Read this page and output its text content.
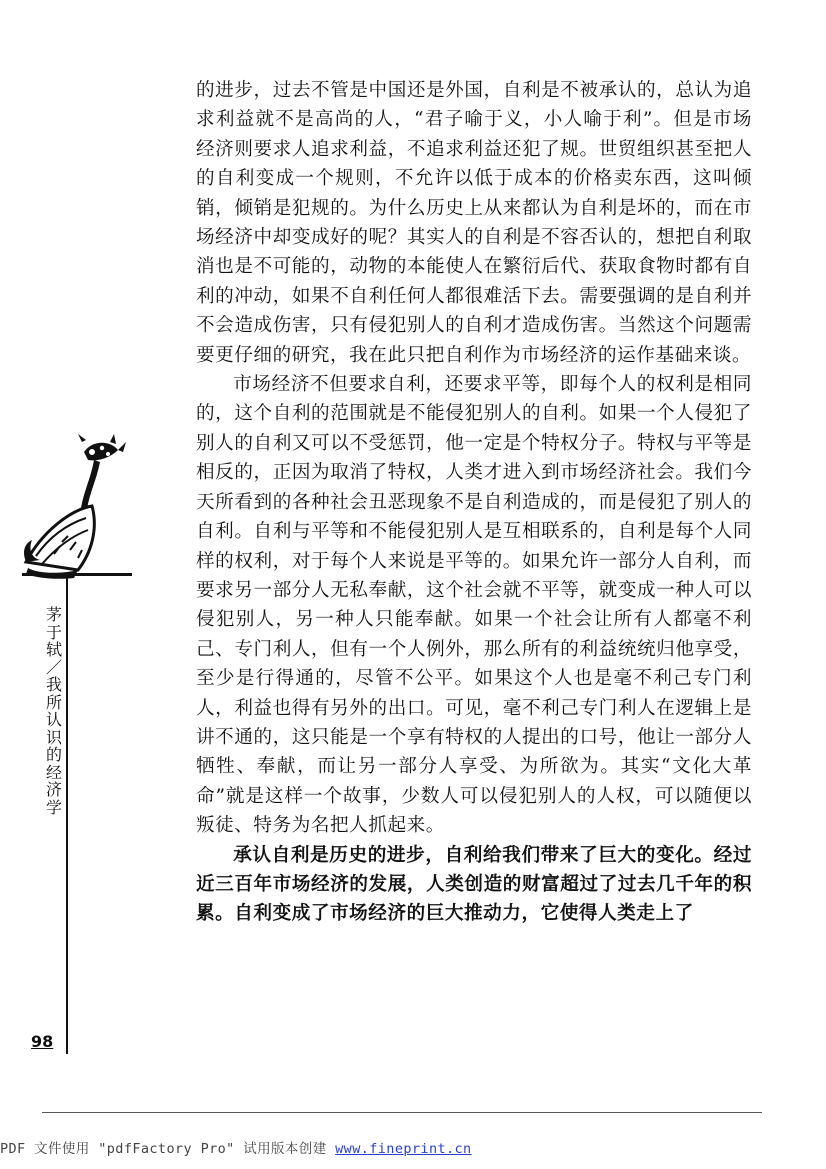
的进步，过去不管是中国还是外国，自利是不被承认的，总认为追求利益就不是高尚的人，“君子喻于义，小人喻于利”。但是市场经济则要求人追求利益，不追求利益还犯了规。世贸组织甚至把人的自利变成一个规则，不允许以低于成本的价格卖东西，这叫倾销，倾销是犯规的。为什么历史上从来都认为自利是坏的，而在市场经济中却变成好的呢？其实人的自利是不容否认的，想把自利取消也是不可能的，动物的本能使人在繁衍后代、获取食物时都有自利的冲动，如果不自利任何人都很难活下去。需要强调的是自利并不会造成伤害，只有侵犯别人的自利才造成伤害。当然这个问题需要更仔细的研究，我在此只把自利作为市场经济的运作基础来谈。

市场经济不但要求自利，还要求平等，即每个人的权利是相同的，这个自利的范围就是不能侵犯别人的自利。如果一个人侵犯了别人的自利又可以不受惩罚，他一定是个特权分子。特权与平等是相反的，正因为取消了特权，人类才进入到市场经济社会。我们今天所看到的各种社会丑恶现象不是自利造成的，而是侵犯了别人的自利。自利与平等和不能侵犯别人是互相联系的，自利是每个人同样的权利，对于每个人来说是平等的。如果允许一部分人自利，而要求另一部分人无私奉献，这个社会就不平等，就变成一种人可以侵犯别人，另一种人只能奉献。如果一个社会让所有人都毫不利己、专门利人，但有一个人例外，那么所有的利益统统归他享受，至少是行得通的，尽管不公平。如果这个人也是毫不利己专门利人，利益也得有另外的出口。可见，毫不利己专门利人在逻辑上是讲不通的，这只能是一个享有特权的人提出的口号，他让一部分人牺牲、奉献，而让另一部分人享受、为所欲为。其实“文化大革命”就是这样一个故事，少数人可以侵犯别人的人权，可以随便以叛徒、特务为名把人抓起来。

承认自利是历史的进步，自利给我们带来了巨大的变化。经过近三百年市场经济的发展，人类创造的财富超过了过去几千年的积累。自利变成了市场经济的巨大推动力，它使得人类走上了

茅于轼／我所认识的经济学
98
PDF 文件使用 "pdfFactory Pro" 试用版本创建 www.fineprint.cn
